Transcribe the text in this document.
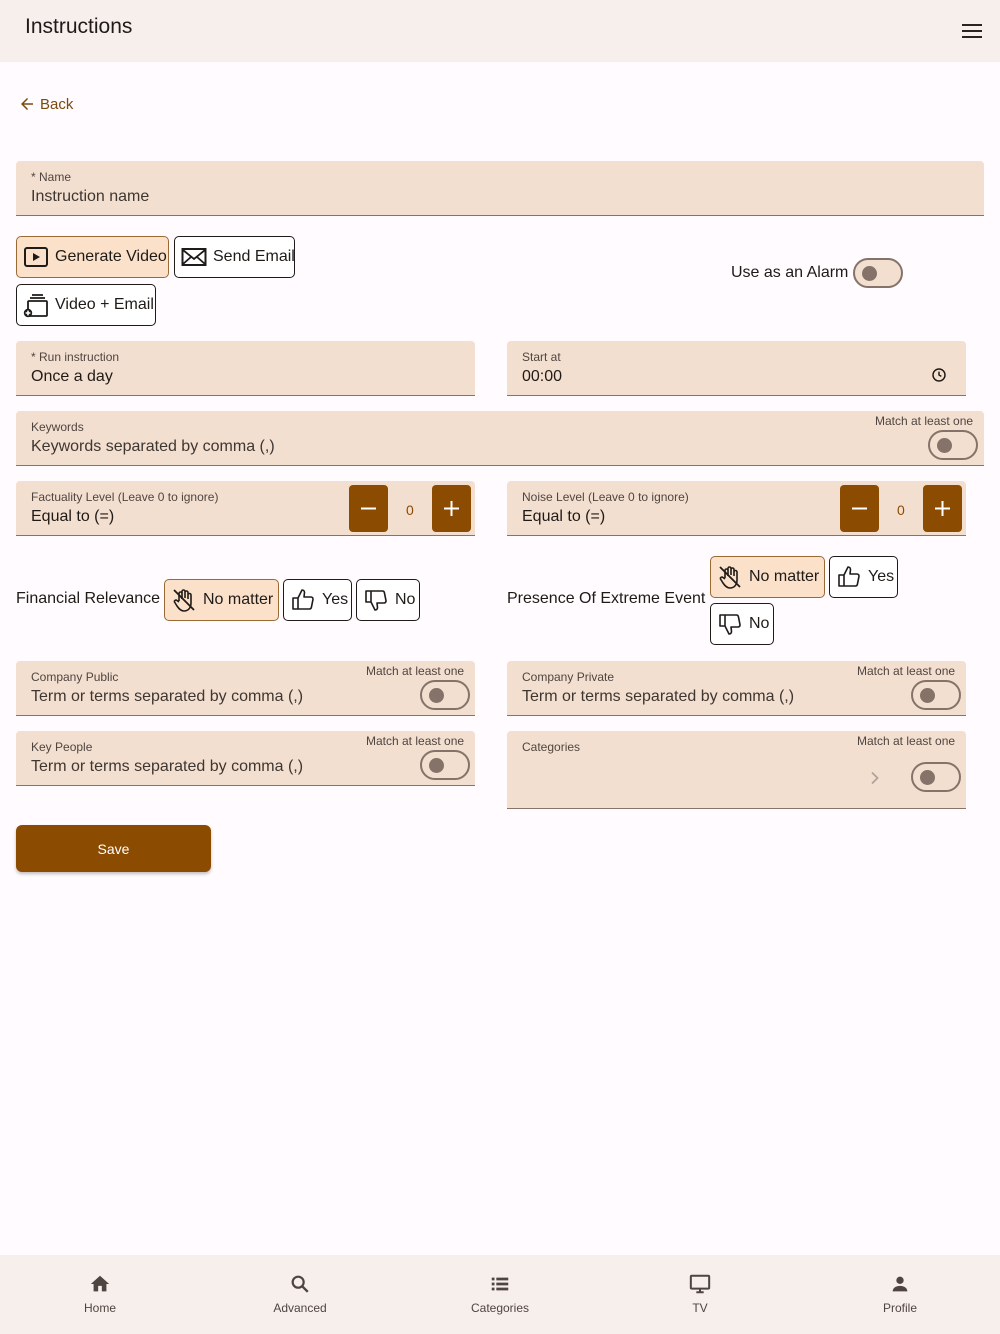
Instructions
Back
* Name
Instruction name
Generate Video	Send Email
Video + Email
Use as an Alarm
* Run instruction
Once a day
Start at
00:00
Keywords
Keywords separated by comma (,)
Match at least one
Factuality Level (Leave 0 to ignore)
Equal to (=)	0
Noise Level (Leave 0 to ignore)
Equal to (=)	0
Financial Relevance	No matter	Yes	No	Presence Of Extreme Event
No matter	Yes
No
Company Public
Term or terms separated by comma (,)
Match at least one	Company Private
Term or terms separated by comma (,)
Match at least one
Key People
Term or terms separated by comma (,)
Match at least one	Categories	Match at least one
Save
Home	Advanced	Categories	TV	Profile
